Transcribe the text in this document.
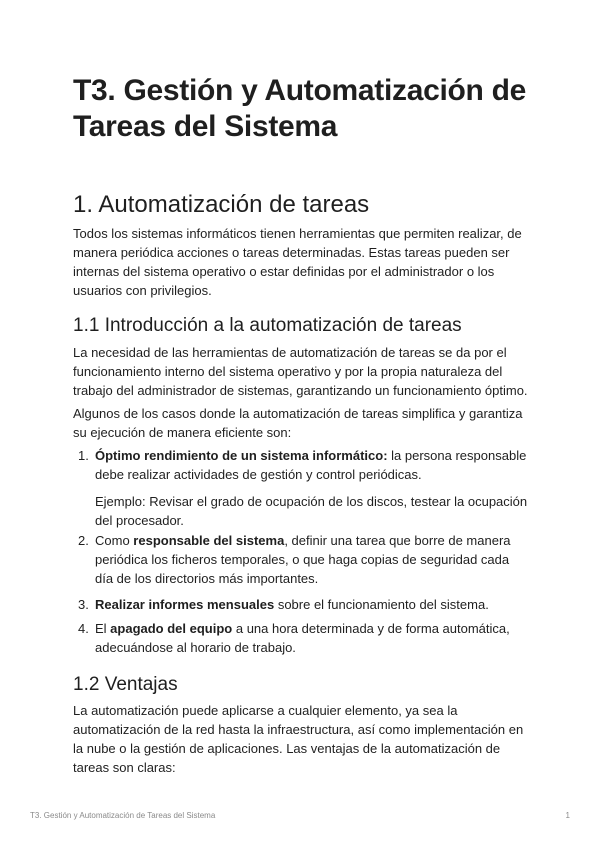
T3. Gestión y Automatización de Tareas del Sistema
1. Automatización de tareas

Todos los sistemas informáticos tienen herramientas que permiten realizar, de manera periódica acciones o tareas determinadas. Estas tareas pueden ser internas del sistema operativo o estar definidas por el administrador o los usuarios con privilegios.

1.1 Introducción a la automatización de tareas

La necesidad de las herramientas de automatización de tareas se da por el funcionamiento interno del sistema operativo y por la propia naturaleza del trabajo del administrador de sistemas, garantizando un funcionamiento óptimo.

Algunos de los casos donde la automatización de tareas simplifica y garantiza su ejecución de manera eficiente son:

1. Óptimo rendimiento de un sistema informático: la persona responsable debe realizar actividades de gestión y control periódicas.
Ejemplo: Revisar el grado de ocupación de los discos, testear la ocupación del procesador.
2. Como responsable del sistema, definir una tarea que borre de manera periódica los ficheros temporales, o que haga copias de seguridad cada día de los directorios más importantes.
3. Realizar informes mensuales sobre el funcionamiento del sistema.
4. El apagado del equipo a una hora determinada y de forma automática, adecuándose al horario de trabajo.
1.2 Ventajas

La automatización puede aplicarse a cualquier elemento, ya sea la automatización de la red hasta la infraestructura, así como implementación en la nube o la gestión de aplicaciones. Las ventajas de la automatización de tareas son claras:

T3. Gestión y Automatización de Tareas del Sistema	1
